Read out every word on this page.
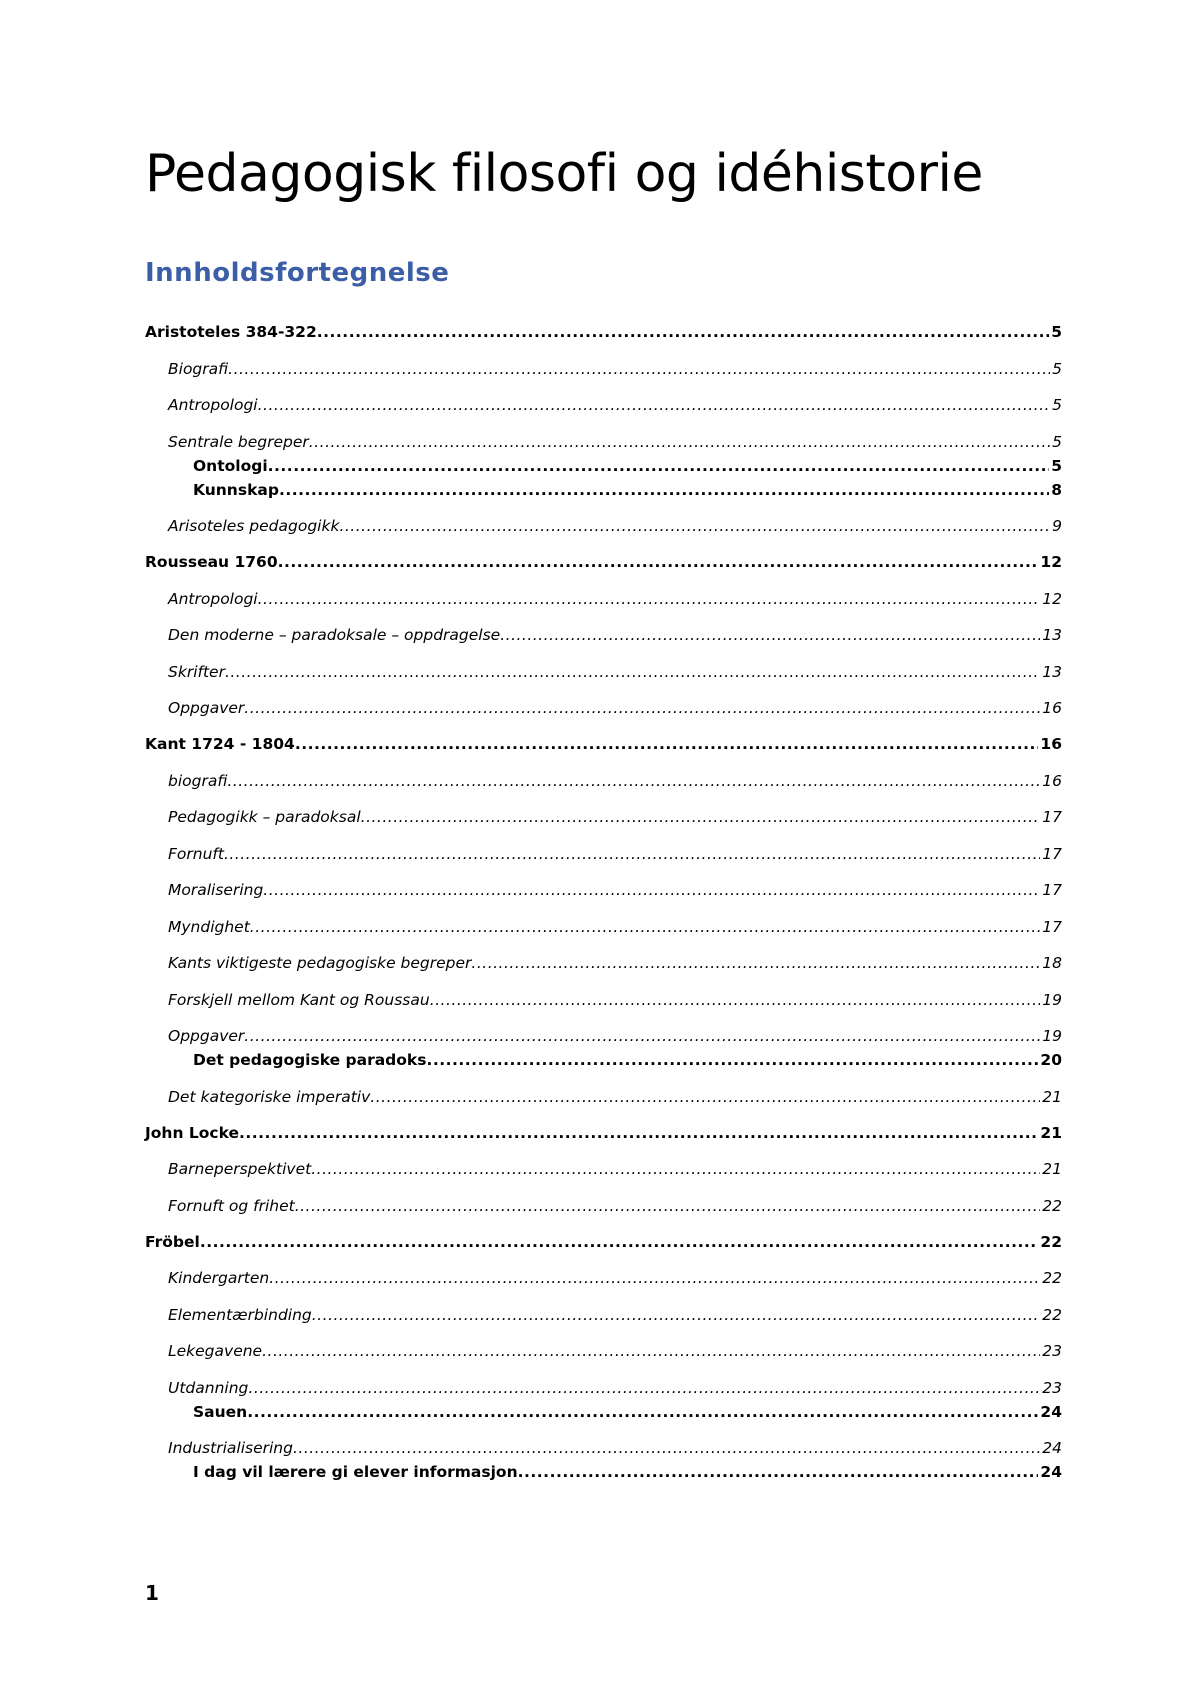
Pedagogisk filosofi og idéhistorie
Innholdsfortegnelse
Aristoteles 384-322 .....	5
Biografi .....	5
Antropologi .....	5
Sentrale begreper .....	5
Ontologi .....	5
Kunnskap .....	8
Arisoteles pedagogikk .....	9
Rousseau 1760 .....	12
Antropologi .....	12
Den moderne – paradoksale – oppdragelse .....	13
Skrifter .....	13
Oppgaver .....	16
Kant 1724 - 1804 .....	16
biografi .....	16
Pedagogikk – paradoksal .....	17
Fornuft .....	17
Moralisering .....	17
Myndighet .....	17
Kants viktigeste pedagogiske begreper .....	18
Forskjell mellom Kant og Roussau .....	19
Oppgaver .....	19
Det pedagogiske paradoks .....	20
Det kategoriske imperativ .....	21
John Locke .....	21
Barneperspektivet .....	21
Fornuft og frihet .....	22
Fröbel .....	22
Kindergarten .....	22
Elementærbinding .....	22
Lekegavene .....	23
Utdanning .....	23
Sauen .....	24
Industrialisering .....	24
I dag vil lærere gi elever informasjon .....	24
1
